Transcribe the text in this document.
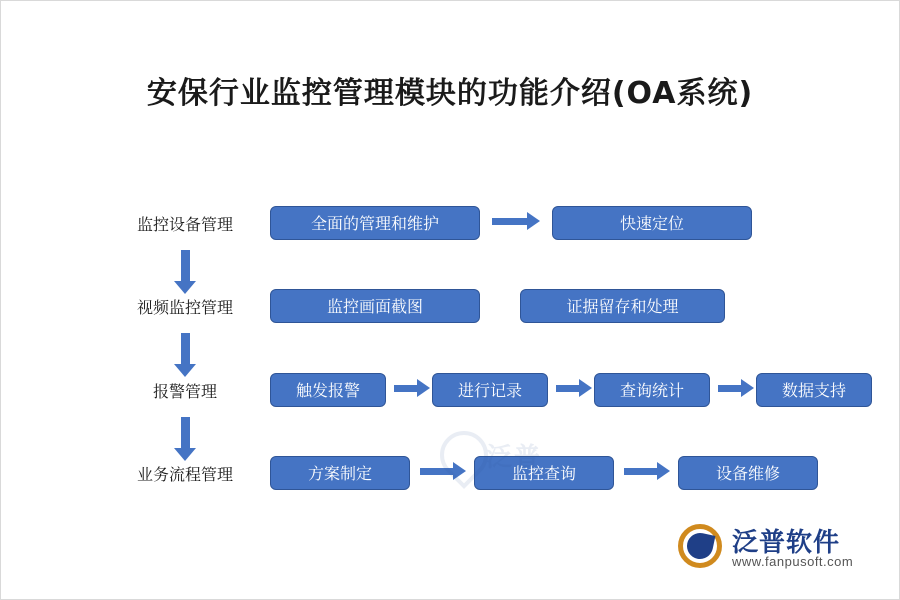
安保行业监控管理模块的功能介绍(OA系统)
监控设备管理	全面的管理和维护	快速定位
视频监控管理	监控画面截图	证据留存和处理
报警管理	触发报警	进行记录	查询统计	数据支持
业务流程管理	方案制定	监控查询	设备维修
泛普软件
www.fanpusoft.com
